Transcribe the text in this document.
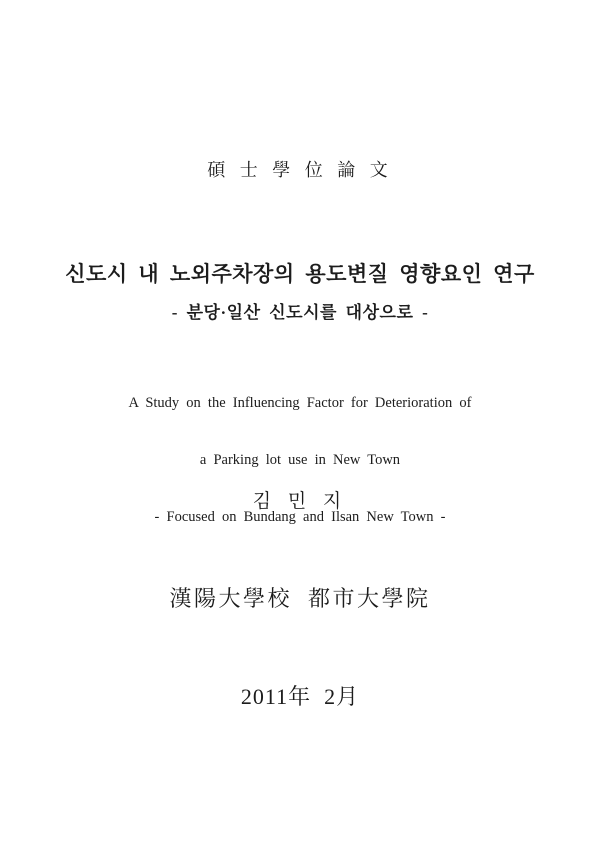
碩 士 學 位 論 文
신도시 내 노외주차장의 용도변질 영향요인 연구
- 분당·일산 신도시를 대상으로 -

A Study on the Influencing Factor for Deterioration of

a Parking lot use in New Town

- Focused on Bundang and Ilsan New Town -

김 민 지
漢陽大學校  都市大學院
2011年  2月
